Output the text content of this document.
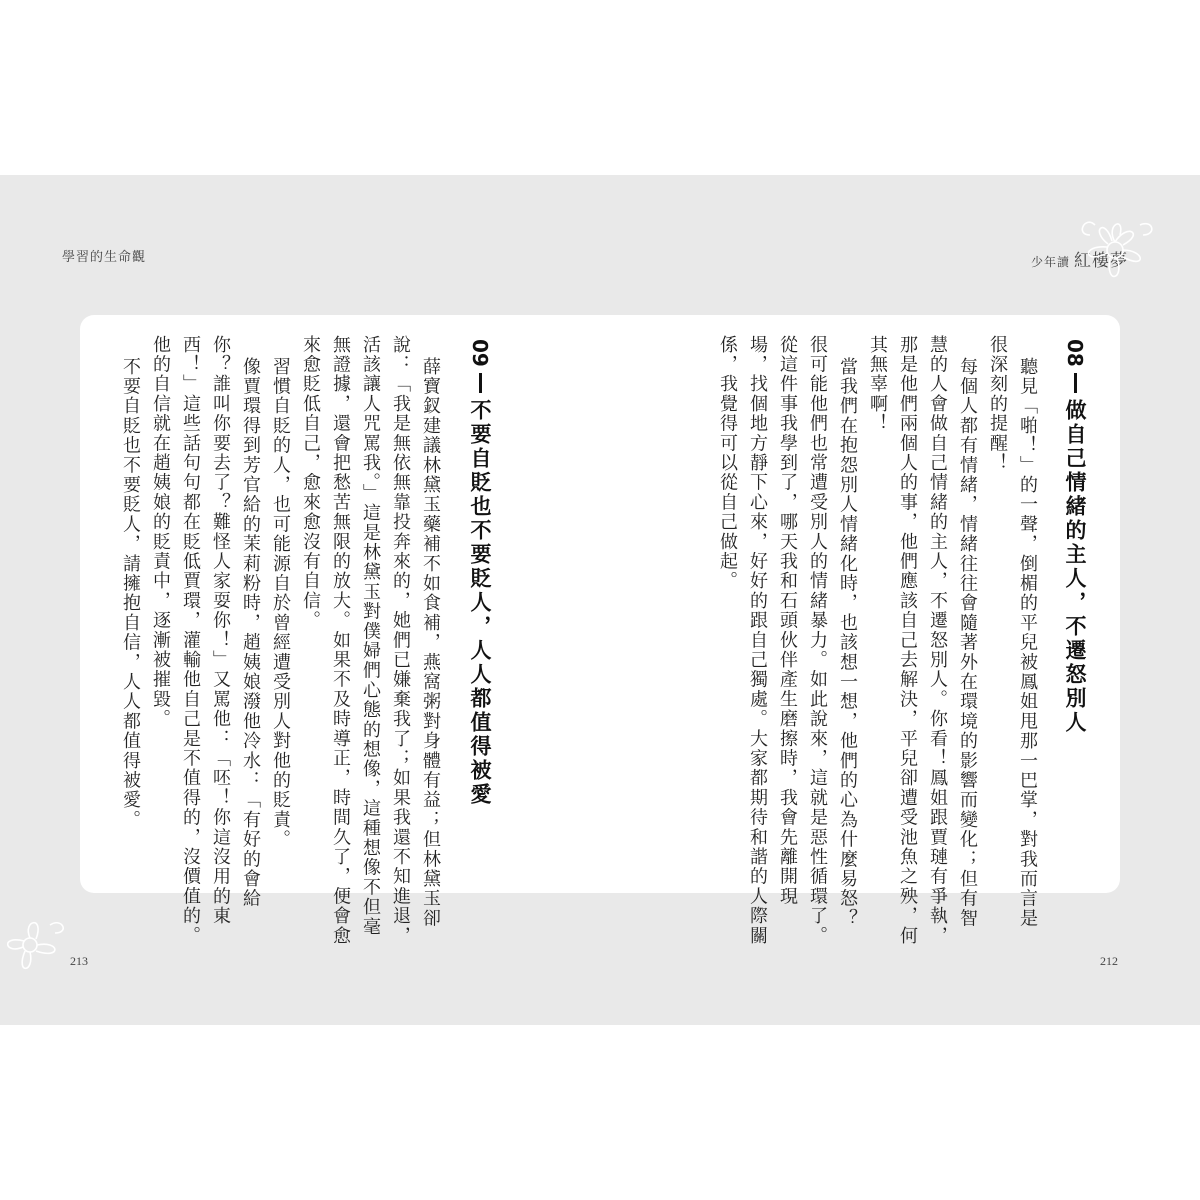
學習的生命觀	少年讀 紅樓夢
08
做自己情緒的主人，不遷怒別人
聽見「啪！」的一聲，倒楣的平兒被鳳姐甩那一巴掌，對我而言是
很深刻的提醒！
每個人都有情緒，情緒往往會隨著外在環境的影響而變化；但有智
慧的人會做自己情緒的主人，不遷怒別人。你看！鳳姐跟賈璉有爭執，
那是他們兩個人的事，他們應該自己去解決，平兒卻遭受池魚之殃，何
其無辜啊！
當我們在抱怨別人情緒化時，也該想一想，他們的心為什麼易怒？
很可能他們也常遭受別人的情緒暴力。如此說來，這就是惡性循環了。
從這件事我學到了，哪天我和石頭伙伴產生磨擦時，我會先離開現
場，找個地方靜下心來，好好的跟自己獨處。大家都期待和諧的人際關
係，我覺得可以從自己做起。
09
不要自貶也不要貶人，人人都值得被愛
薛寶釵建議林黛玉藥補不如食補，燕窩粥對身體有益；但林黛玉卻
說：「我是無依無靠投奔來的，她們已嫌棄我了；如果我還不知進退，
活該讓人咒罵我。」這是林黛玉對僕婦們心態的想像，這種想像不但毫
無證據，還會把愁苦無限的放大。如果不及時導正，時間久了，便會愈
來愈貶低自己，愈來愈沒有自信。
習慣自貶的人，也可能源自於曾經遭受別人對他的貶責。
像賈環得到芳官給的茉莉粉時，趙姨娘潑他冷水：「有好的會給
你？誰叫你要去了？難怪人家耍你！」又罵他：「呸！你這沒用的東
西！」這些話句句都在貶低賈環，灌輸他自己是不值得的，沒價值的。
他的自信就在趙姨娘的貶責中，逐漸被摧毀。
不要自貶也不要貶人，請擁抱自信，人人都值得被愛。
213	212
